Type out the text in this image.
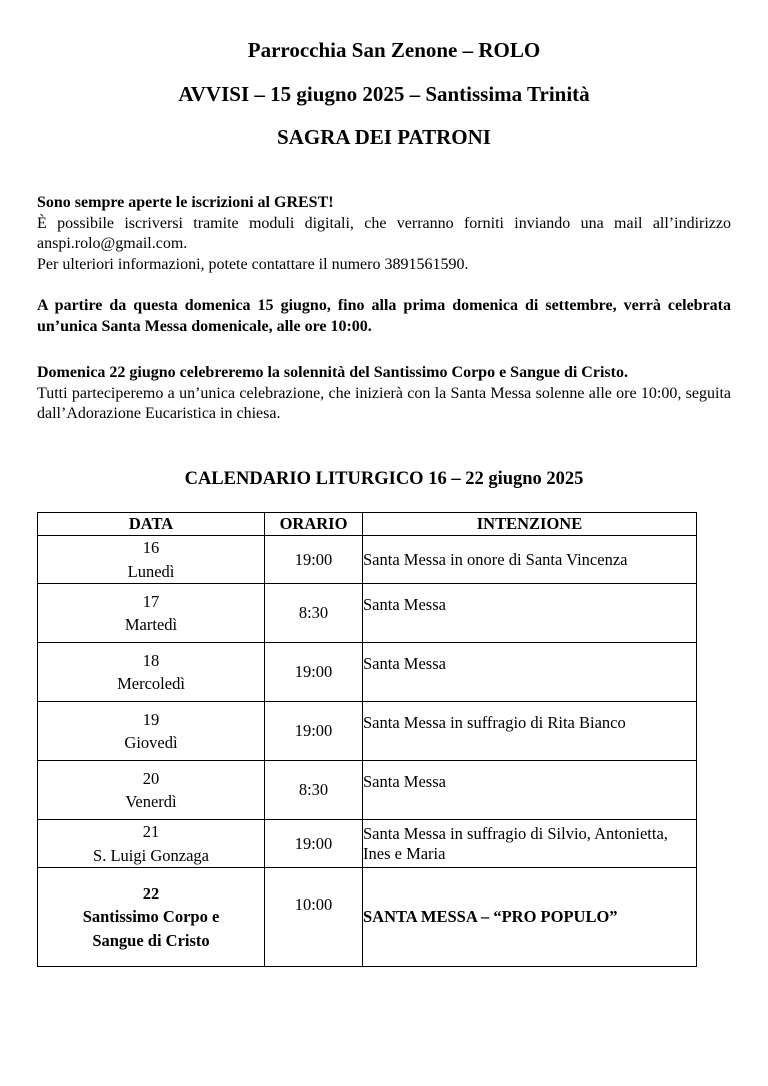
Parrocchia San Zenone – ROLO
AVVISI – 15 giugno 2025 – Santissima Trinità
SAGRA DEI PATRONI

Sono sempre aperte le iscrizioni al GREST!

È possibile iscriversi tramite moduli digitali, che verranno forniti inviando una mail all’indirizzo anspi.rolo@gmail.com.

Per ulteriori informazioni, potete contattare il numero 3891561590.

A partire da questa domenica 15 giugno, fino alla prima domenica di settembre, verrà celebrata un’unica Santa Messa domenicale, alle ore 10:00.

Domenica 22 giugno celebreremo la solennità del Santissimo Corpo e Sangue di Cristo.

Tutti parteciperemo a un’unica celebrazione, che inizierà con la Santa Messa solenne alle ore 10:00, seguita dall’Adorazione Eucaristica in chiesa.

CALENDARIO LITURGICO 16 – 22 giugno 2025
DATA	ORARIO	INTENZIONE
16
Lunedì	19:00	Santa Messa in onore di Santa Vincenza
17
Martedì	8:30	Santa Messa
18
Mercoledì	19:00	Santa Messa
19
Giovedì	19:00	Santa Messa in suffragio di Rita Bianco
20
Venerdì	8:30	Santa Messa
21
S. Luigi Gonzaga	19:00	Santa Messa in suffragio di Silvio, Antonietta, Ines e Maria
22
Santissimo Corpo e
Sangue di Cristo	10:00	SANTA MESSA – “PRO POPULO”
